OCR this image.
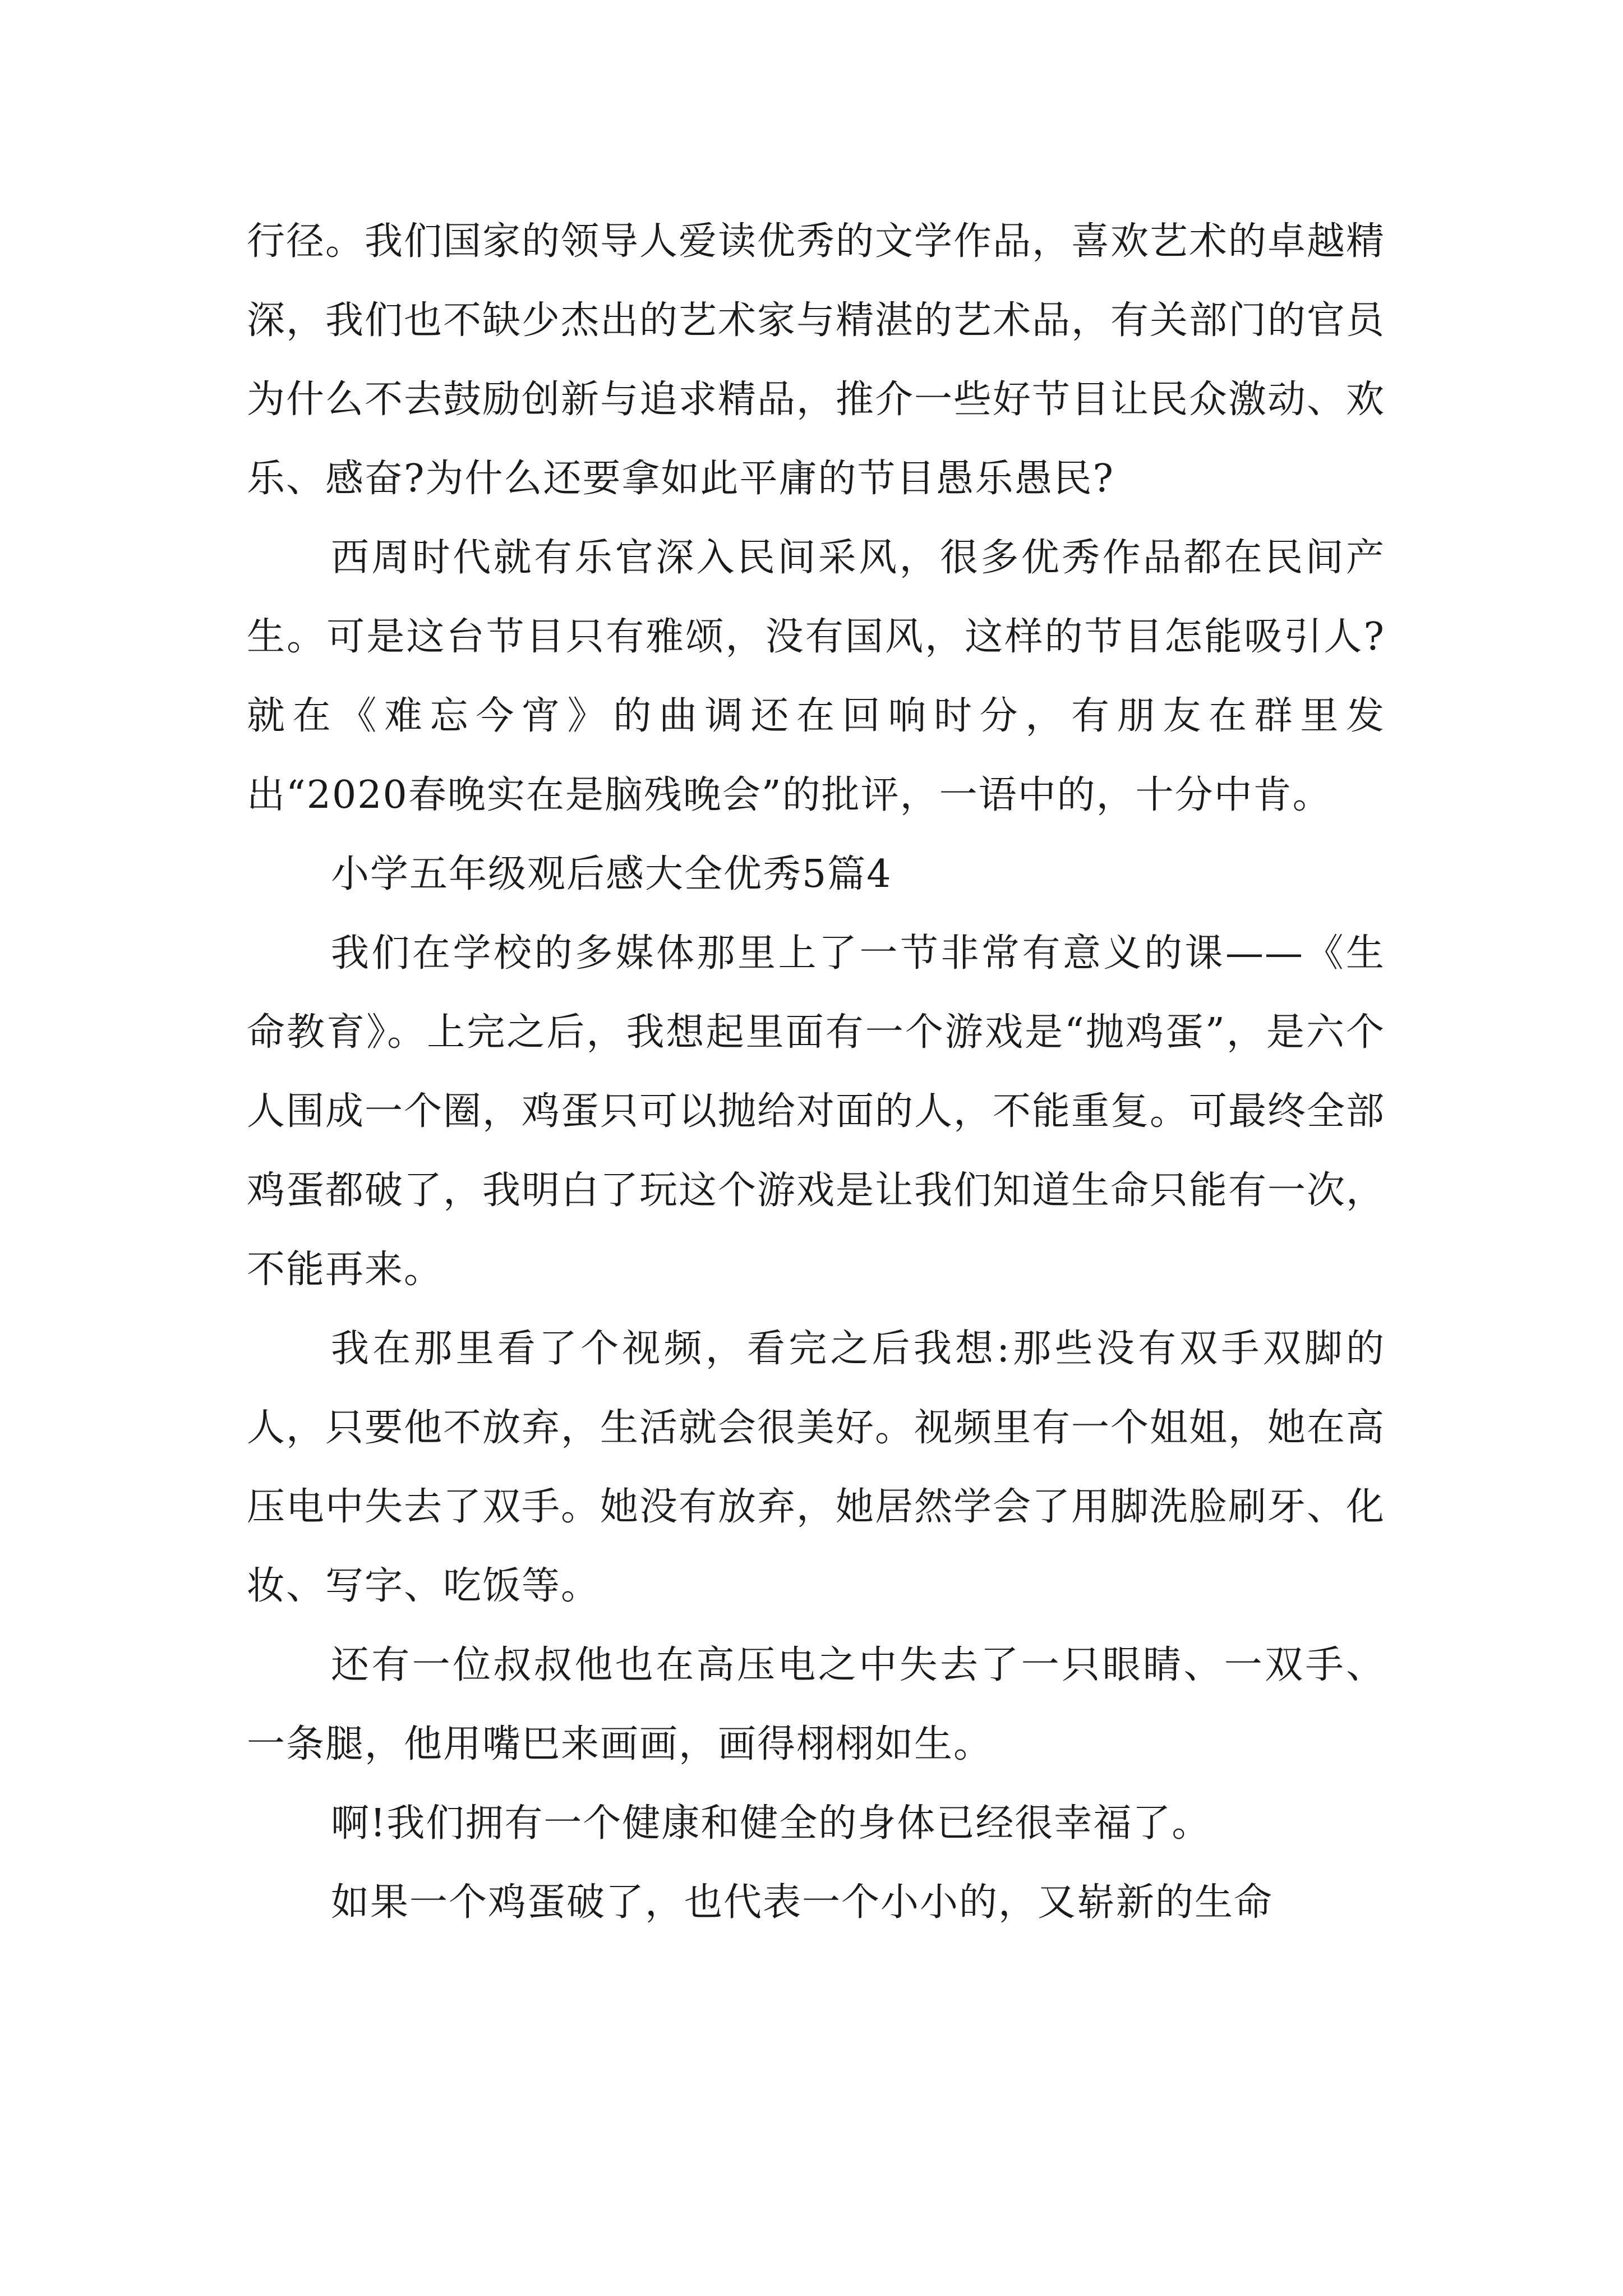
行径。我们国家的领导人爱读优秀的文学作品，喜欢艺术的卓越精深，我们也不缺少杰出的艺术家与精湛的艺术品，有关部门的官员为什么不去鼓励创新与追求精品，推介一些好节目让民众激动、欢乐、感奋?为什么还要拿如此平庸的节目愚乐愚民?

西周时代就有乐官深入民间采风，很多优秀作品都在民间产生。可是这台节目只有雅颂，没有国风，这样的节目怎能吸引人?就在《难忘今宵》的曲调还在回响时分，有朋友在群里发出“2020春晚实在是脑残晚会”的批评，一语中的，十分中肯。

小学五年级观后感大全优秀5篇4

我们在学校的多媒体那里上了一节非常有意义的课——《生命教育》。上完之后，我想起里面有一个游戏是“抛鸡蛋”，是六个人围成一个圈，鸡蛋只可以抛给对面的人，不能重复。可最终全部鸡蛋都破了，我明白了玩这个游戏是让我们知道生命只能有一次，不能再来。

我在那里看了个视频，看完之后我想:那些没有双手双脚的人，只要他不放弃，生活就会很美好。视频里有一个姐姐，她在高压电中失去了双手。她没有放弃，她居然学会了用脚洗脸刷牙、化妆、写字、吃饭等。

还有一位叔叔他也在高压电之中失去了一只眼睛、一双手、一条腿，他用嘴巴来画画，画得栩栩如生。

啊!我们拥有一个健康和健全的身体已经很幸福了。

如果一个鸡蛋破了，也代表一个小小的，又崭新的生命
